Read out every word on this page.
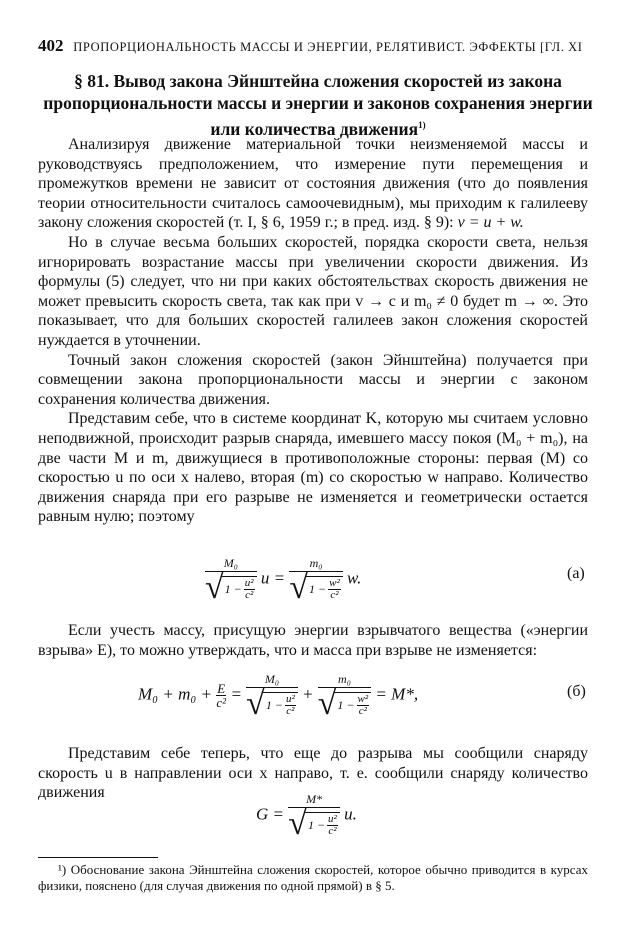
402 ПРОПОРЦИОНАЛЬНОСТЬ МАССЫ И ЭНЕРГИИ, РЕЛЯТИВИСТ. ЭФФЕКТЫ [ГЛ. XI
§ 81. Вывод закона Эйнштейна сложения скоростей из закона пропорциональности массы и энергии и законов сохранения энергии или количества движения$^{1)}$

Анализируя движение материальной точки неизменяемой массы и руководствуясь предположением, что измерение пути перемещения и промежутков времени не зависит от состояния движения (что до появления теории относительности считалось самоочевидным), мы приходим к галилееву закону сложения скоростей (т. I, § 6, 1959 г.; в пред. изд. § 9): v = u + w.

Но в случае весьма больших скоростей, порядка скорости света, нельзя игнорировать возрастание массы при увеличении скорости движения. Из формулы (5) следует, что ни при каких обстоятельствах скорость движения не может превысить скорость света, так как при v → c и m₀ ≠ 0 будет m → ∞. Это показывает, что для больших скоростей галилеев закон сложения скоростей нуждается в уточнении.

Точный закон сложения скоростей (закон Эйнштейна) получается при совмещении закона пропорциональности массы и энергии с законом сохранения количества движения.

Представим себе, что в системе координат K, которую мы считаем условно неподвижной, происходит разрыв снаряда, имевшего массу покоя (M₀ + m₀), на две части M и m, движущиеся в противоположные стороны: первая (M) со скоростью u по оси x налево, вторая (m) со скоростью w направо. Количество движения снаряда при его разрыве не изменяется и геометрически остается равным нулю; поэтому

$\frac{\text{M₀}}{√ 1 - \frac{\text{u²}}{\text{c²}}}$ $u = \frac{\text{m₀}}{√ 1 - \frac{\text{w²}}{\text{c²}}} w$.	(а)

Если учесть массу, присущую энергии взрывчатого вещества («энергии взрыва» E), то можно утверждать, что и масса при взрыве не изменяется:

$M_0 + m_0 + \frac{E}{\text{c²}} = \frac{\text{M₀}}{√ 1 - \frac{\text{u²}}{\text{c²}}} + \frac{\text{m₀}}{√ 1 - \frac{\text{w²}}{\text{c²}}} = M*$,	(б)

Представим себе теперь, что еще до разрыва мы сообщили снаряду скорость u в направлении оси x направо, т. е. сообщили снаряду количество движения

$G = \frac{M*}{√ 1 - \frac{\text{u²}}{\text{c²}}} u$.

¹) Обоснование закона Эйнштейна сложения скоростей, которое обычно приводится в курсах физики, пояснено (для случая движения по одной прямой) в § 5.
